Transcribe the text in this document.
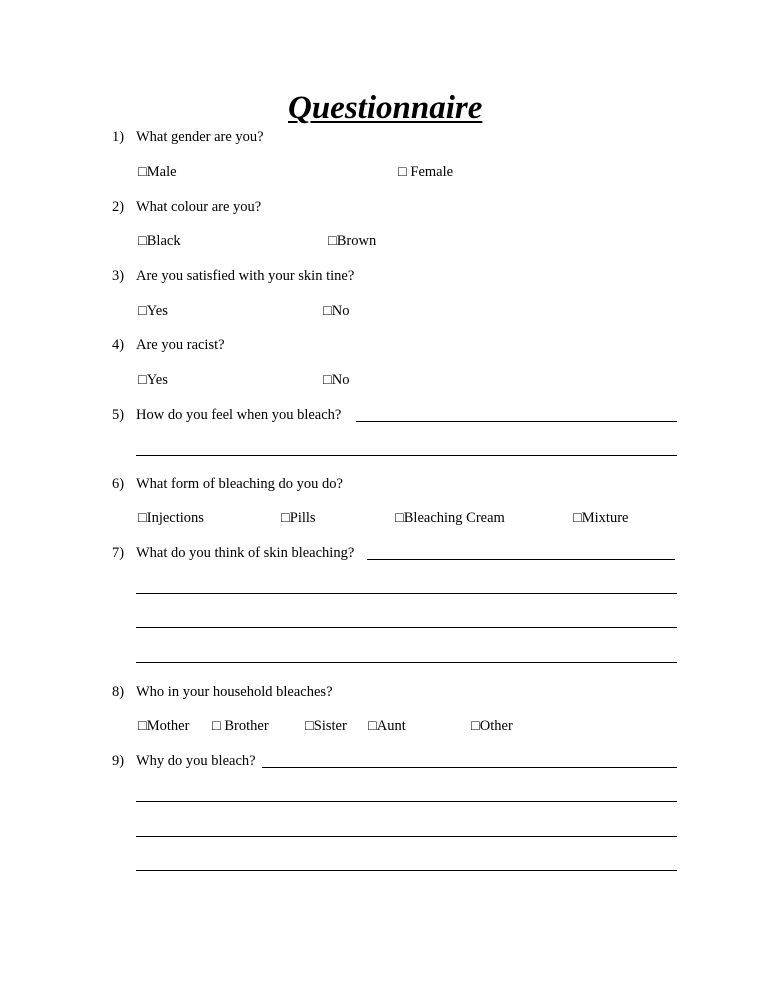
Questionnaire
1) What gender are you?
□Male	□ Female
2) What colour are you?
□Black	□Brown
3) Are you satisfied with your skin tine?
□Yes	□No
4) Are you racist?
□Yes	□No
5) How do you feel when you bleach?
6) What form of bleaching do you do?
□Injections	□Pills	□Bleaching Cream	□Mixture
7) What do you think of skin bleaching?
8) Who in your household bleaches?
□Mother □ Brother	□Sister □Aunt	□Other
9) Why do you bleach?
